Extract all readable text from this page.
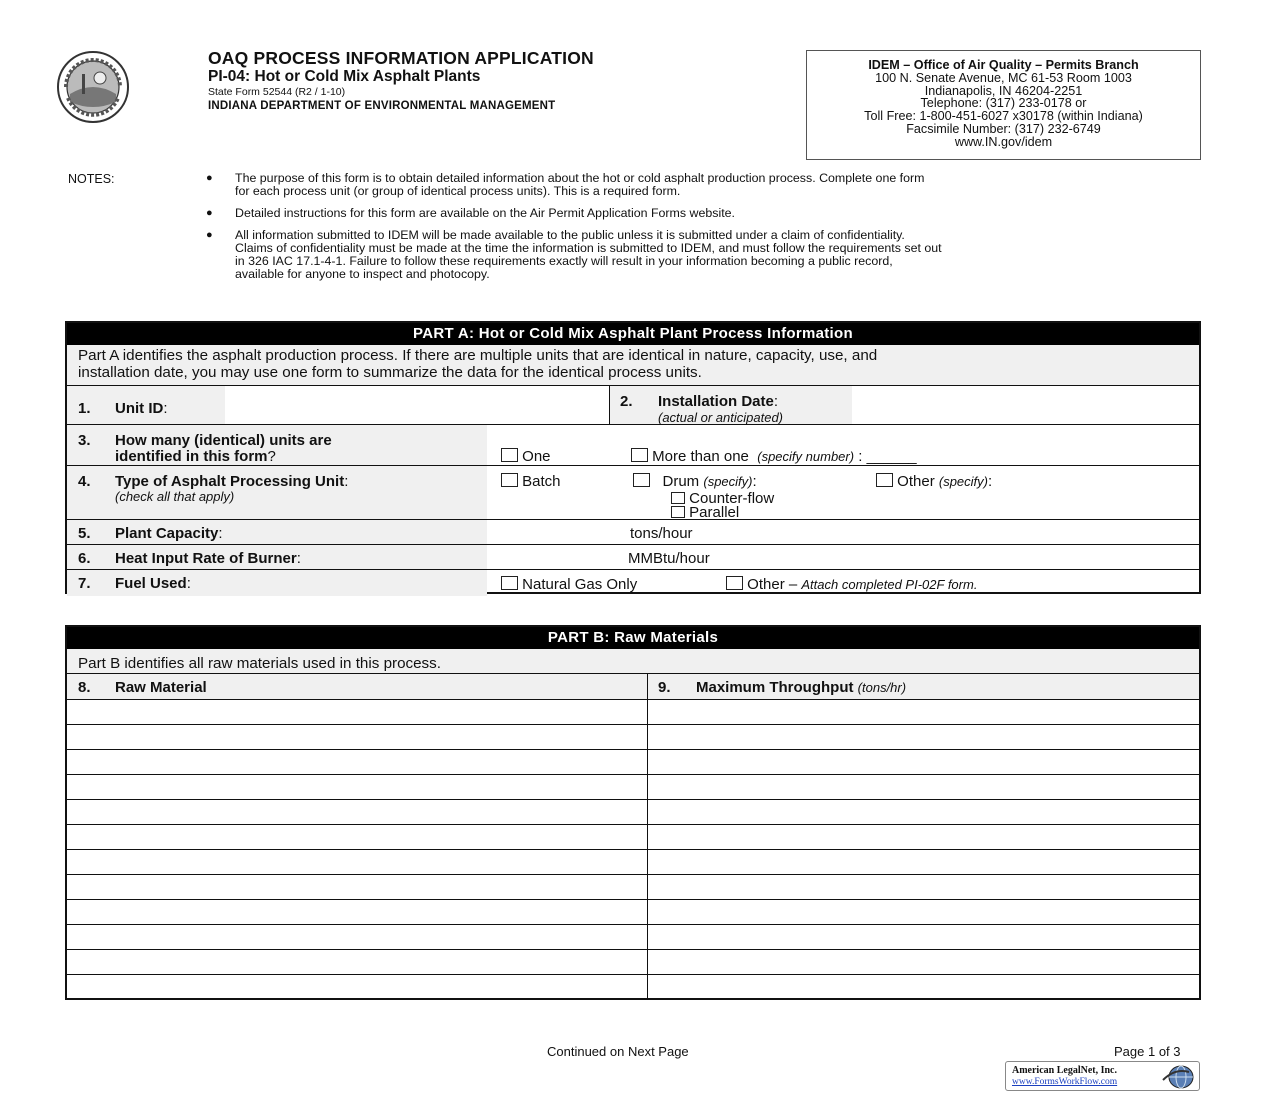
OAQ PROCESS INFORMATION APPLICATION
PI-04: Hot or Cold Mix Asphalt Plants
State Form 52544 (R2 / 1-10)
INDIANA DEPARTMENT OF ENVIRONMENTAL MANAGEMENT
IDEM – Office of Air Quality – Permits Branch
100 N. Senate Avenue, MC 61-53 Room 1003
Indianapolis, IN 46204-2251
Telephone: (317) 233-0178 or
Toll Free: 1-800-451-6027 x30178 (within Indiana)
Facsimile Number: (317) 232-6749
www.IN.gov/idem
NOTES:	● The purpose of this form is to obtain detailed information about the hot or cold asphalt production process. Complete one form
for each process unit (or group of identical process units). This is a required form.
● Detailed instructions for this form are available on the Air Permit Application Forms website.
● All information submitted to IDEM will be made available to the public unless it is submitted under a claim of confidentiality.
Claims of confidentiality must be made at the time the information is submitted to IDEM, and must follow the requirements set out
in 326 IAC 17.1-4-1. Failure to follow these requirements exactly will result in your information becoming a public record,
available for anyone to inspect and photocopy.
PART A: Hot or Cold Mix Asphalt Plant Process Information
Part A identifies the asphalt production process. If there are multiple units that are identical in nature, capacity, use, and
installation date, you may use one form to summarize the data for the identical process units.
1. Unit ID:	2. Installation Date:
(actual or anticipated)
3. How many (identical) units are
identified in this form?	One	More than one (specify number) : ______
4. Type of Asphalt Processing Unit:
(check all that apply)
Batch	Drum (specify):
Counter-flow
Parallel
Other (specify):
5. Plant Capacity:	tons/hour
6. Heat Input Rate of Burner:	MMBtu/hour
7. Fuel Used:	Natural Gas Only	Other – Attach completed PI-02F form.
PART B: Raw Materials
Part B identifies all raw materials used in this process.
8. Raw Material	9. Maximum Throughput (tons/hr)
Continued on Next Page	Page 1 of 3
American LegalNet, Inc.
www.FormsWorkFlow.com
